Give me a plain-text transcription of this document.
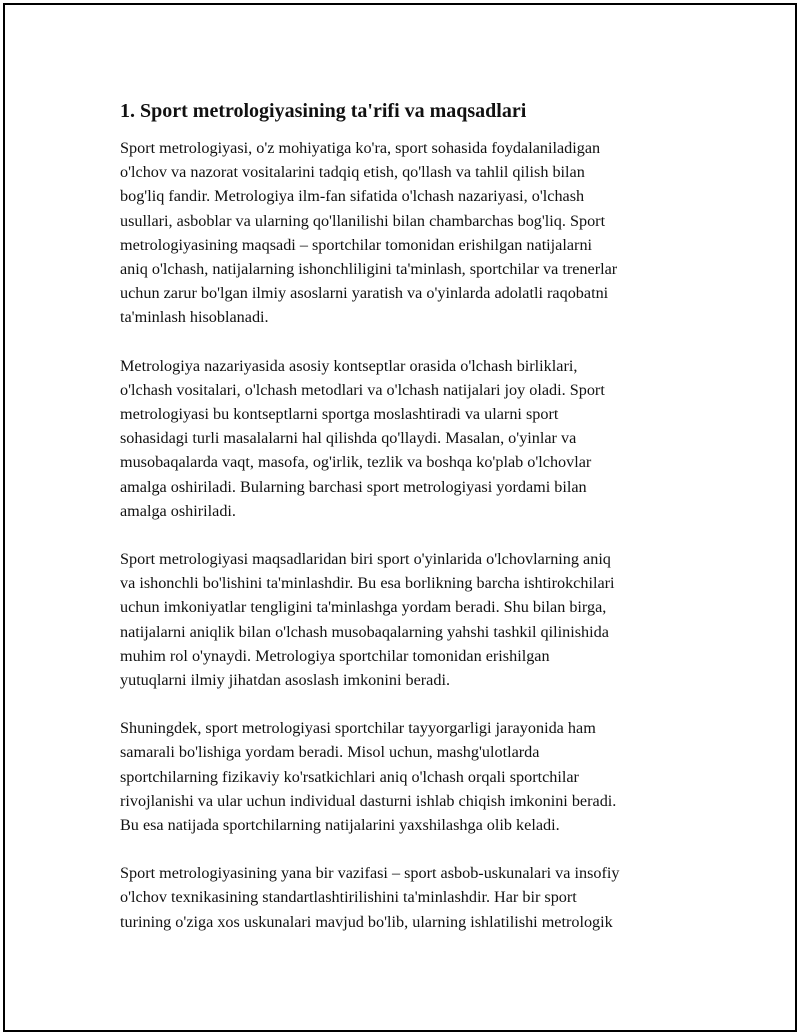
1. Sport metrologiyasining ta'rifi va maqsadlari

Sport metrologiyasi, o'z mohiyatiga ko'ra, sport sohasida foydalaniladigan
o'lchov va nazorat vositalarini tadqiq etish, qo'llash va tahlil qilish bilan
bog'liq fandir. Metrologiya ilm-fan sifatida o'lchash nazariyasi, o'lchash
usullari, asboblar va ularning qo'llanilishi bilan chambarchas bog'liq. Sport
metrologiyasining maqsadi – sportchilar tomonidan erishilgan natijalarni
aniq o'lchash, natijalarning ishonchliligini ta'minlash, sportchilar va trenerlar
uchun zarur bo'lgan ilmiy asoslarni yaratish va o'yinlarda adolatli raqobatni
ta'minlash hisoblanadi.

Metrologiya nazariyasida asosiy kontseptlar orasida o'lchash birliklari,
o'lchash vositalari, o'lchash metodlari va o'lchash natijalari joy oladi. Sport
metrologiyasi bu kontseptlarni sportga moslashtiradi va ularni sport
sohasidagi turli masalalarni hal qilishda qo'llaydi. Masalan, o'yinlar va
musobaqalarda vaqt, masofa, og'irlik, tezlik va boshqa ko'plab o'lchovlar
amalga oshiriladi. Bularning barchasi sport metrologiyasi yordami bilan
amalga oshiriladi.

Sport metrologiyasi maqsadlaridan biri sport o'yinlarida o'lchovlarning aniq
va ishonchli bo'lishini ta'minlashdir. Bu esa borlikning barcha ishtirokchilari
uchun imkoniyatlar tengligini ta'minlashga yordam beradi. Shu bilan birga,
natijalarni aniqlik bilan o'lchash musobaqalarning yahshi tashkil qilinishida
muhim rol o'ynaydi. Metrologiya sportchilar tomonidan erishilgan
yutuqlarni ilmiy jihatdan asoslash imkonini beradi.

Shuningdek, sport metrologiyasi sportchilar tayyorgarligi jarayonida ham
samarali bo'lishiga yordam beradi. Misol uchun, mashg'ulotlarda
sportchilarning fizikaviy ko'rsatkichlari aniq o'lchash orqali sportchilar
rivojlanishi va ular uchun individual dasturni ishlab chiqish imkonini beradi.
Bu esa natijada sportchilarning natijalarini yaxshilashga olib keladi.

Sport metrologiyasining yana bir vazifasi – sport asbob-uskunalari va insofiy
o'lchov texnikasining standartlashtirilishini ta'minlashdir. Har bir sport
turining o'ziga xos uskunalari mavjud bo'lib, ularning ishlatilishi metrologik
